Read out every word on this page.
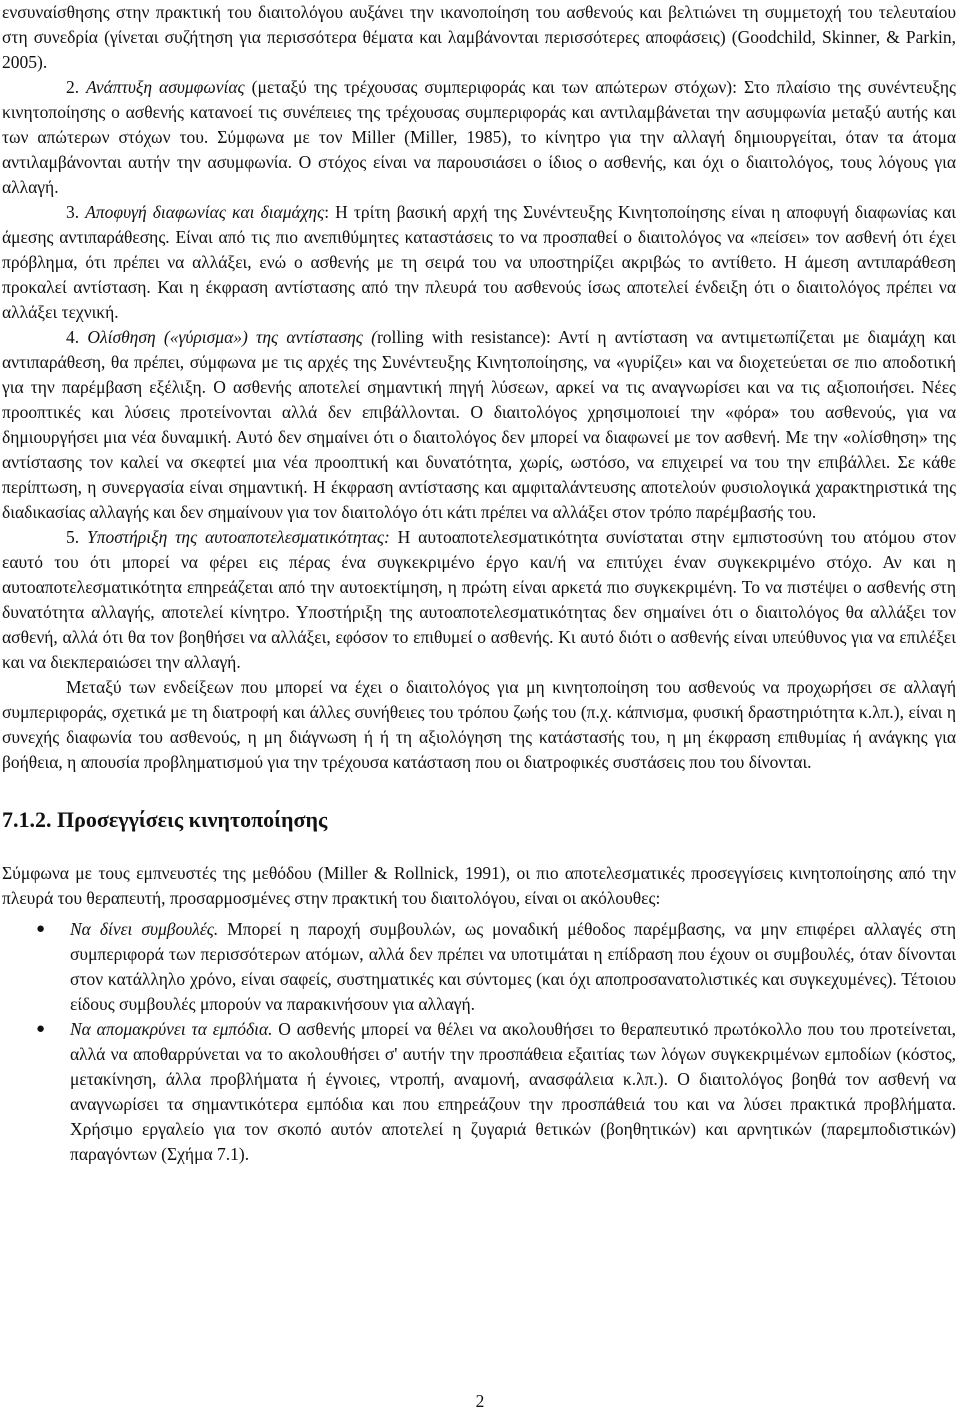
ενσυναίσθησης στην πρακτική του διαιτολόγου αυξάνει την ικανοποίηση του ασθενούς και βελτιώνει τη συμμετοχή του τελευταίου στη συνεδρία (γίνεται συζήτηση για περισσότερα θέματα και λαμβάνονται περισσότερες αποφάσεις) (Goodchild, Skinner, & Parkin, 2005).

2. Ανάπτυξη ασυμφωνίας (μεταξύ της τρέχουσας συμπεριφοράς και των απώτερων στόχων): Στο πλαίσιο της συνέντευξης κινητοποίησης ο ασθενής κατανοεί τις συνέπειες της τρέχουσας συμπεριφοράς και αντιλαμβάνεται την ασυμφωνία μεταξύ αυτής και των απώτερων στόχων του. Σύμφωνα με τον Miller (Miller, 1985), το κίνητρο για την αλλαγή δημιουργείται, όταν τα άτομα αντιλαμβάνονται αυτήν την ασυμφωνία. Ο στόχος είναι να παρουσιάσει ο ίδιος ο ασθενής, και όχι ο διαιτολόγος, τους λόγους για αλλαγή.

3. Αποφυγή διαφωνίας και διαμάχης: Η τρίτη βασική αρχή της Συνέντευξης Κινητοποίησης είναι η αποφυγή διαφωνίας και άμεσης αντιπαράθεσης. Είναι από τις πιο ανεπιθύμητες καταστάσεις το να προσπαθεί ο διαιτολόγος να «πείσει» τον ασθενή ότι έχει πρόβλημα, ότι πρέπει να αλλάξει, ενώ ο ασθενής με τη σειρά του να υποστηρίζει ακριβώς το αντίθετο. Η άμεση αντιπαράθεση προκαλεί αντίσταση. Και η έκφραση αντίστασης από την πλευρά του ασθενούς ίσως αποτελεί ένδειξη ότι ο διαιτολόγος πρέπει να αλλάξει τεχνική.

4. Ολίσθηση («γύρισμα») της αντίστασης (rolling with resistance): Αντί η αντίσταση να αντιμετωπίζεται με διαμάχη και αντιπαράθεση, θα πρέπει, σύμφωνα με τις αρχές της Συνέντευξης Κινητοποίησης, να «γυρίζει» και να διοχετεύεται σε πιο αποδοτική για την παρέμβαση εξέλιξη. Ο ασθενής αποτελεί σημαντική πηγή λύσεων, αρκεί να τις αναγνωρίσει και να τις αξιοποιήσει. Νέες προοπτικές και λύσεις προτείνονται αλλά δεν επιβάλλονται. Ο διαιτολόγος χρησιμοποιεί την «φόρα» του ασθενούς, για να δημιουργήσει μια νέα δυναμική. Αυτό δεν σημαίνει ότι ο διαιτολόγος δεν μπορεί να διαφωνεί με τον ασθενή. Με την «ολίσθηση» της αντίστασης τον καλεί να σκεφτεί μια νέα προοπτική και δυνατότητα, χωρίς, ωστόσο, να επιχειρεί να του την επιβάλλει. Σε κάθε περίπτωση, η συνεργασία είναι σημαντική. Η έκφραση αντίστασης και αμφιταλάντευσης αποτελούν φυσιολογικά χαρακτηριστικά της διαδικασίας αλλαγής και δεν σημαίνουν για τον διαιτολόγο ότι κάτι πρέπει να αλλάξει στον τρόπο παρέμβασής του.

5. Υποστήριξη της αυτοαποτελεσματικότητας: Η αυτοαποτελεσματικότητα συνίσταται στην εμπιστοσύνη του ατόμου στον εαυτό του ότι μπορεί να φέρει εις πέρας ένα συγκεκριμένο έργο και/ή να επιτύχει έναν συγκεκριμένο στόχο. Αν και η αυτοαποτελεσματικότητα επηρεάζεται από την αυτοεκτίμηση, η πρώτη είναι αρκετά πιο συγκεκριμένη. Το να πιστέψει ο ασθενής στη δυνατότητα αλλαγής, αποτελεί κίνητρο. Υποστήριξη της αυτοαποτελεσματικότητας δεν σημαίνει ότι ο διαιτολόγος θα αλλάξει τον ασθενή, αλλά ότι θα τον βοηθήσει να αλλάξει, εφόσον το επιθυμεί ο ασθενής. Κι αυτό διότι ο ασθενής είναι υπεύθυνος για να επιλέξει και να διεκπεραιώσει την αλλαγή.

Μεταξύ των ενδείξεων που μπορεί να έχει ο διαιτολόγος για μη κινητοποίηση του ασθενούς να προχωρήσει σε αλλαγή συμπεριφοράς, σχετικά με τη διατροφή και άλλες συνήθειες του τρόπου ζωής του (π.χ. κάπνισμα, φυσική δραστηριότητα κ.λπ.), είναι η συνεχής διαφωνία του ασθενούς, η μη διάγνωση ή ή τη αξιολόγηση της κατάστασής του, η μη έκφραση επιθυμίας ή ανάγκης για βοήθεια, η απουσία προβληματισμού για την τρέχουσα κατάσταση που οι διατροφικές συστάσεις που του δίνονται.

7.1.2. Προσεγγίσεις κινητοποίησης

Σύμφωνα με τους εμπνευστές της μεθόδου (Miller & Rollnick, 1991), οι πιο αποτελεσματικές προσεγγίσεις κινητοποίησης από την πλευρά του θεραπευτή, προσαρμοσμένες στην πρακτική του διαιτολόγου, είναι οι ακόλουθες:

● Να δίνει συμβουλές. Μπορεί η παροχή συμβουλών, ως μοναδική μέθοδος παρέμβασης, να μην επιφέρει αλλαγές στη συμπεριφορά των περισσότερων ατόμων, αλλά δεν πρέπει να υποτιμάται η επίδραση που έχουν οι συμβουλές, όταν δίνονται στον κατάλληλο χρόνο, είναι σαφείς, συστηματικές και σύντομες (και όχι αποπροσανατολιστικές και συγκεχυμένες). Τέτοιου είδους συμβουλές μπορούν να παρακινήσουν για αλλαγή.
● Να απομακρύνει τα εμπόδια. Ο ασθενής μπορεί να θέλει να ακολουθήσει το θεραπευτικό πρωτόκολλο που του προτείνεται, αλλά να αποθαρρύνεται να το ακολουθήσει σ' αυτήν την προσπάθεια εξαιτίας των λόγων συγκεκριμένων εμποδίων (κόστος, μετακίνηση, άλλα προβλήματα ή έγνοιες, ντροπή, αναμονή, ανασφάλεια κ.λπ.). Ο διαιτολόγος βοηθά τον ασθενή να αναγνωρίσει τα σημαντικότερα εμπόδια και που επηρεάζουν την προσπάθειά του και να λύσει πρακτικά προβλήματα. Χρήσιμο εργαλείο για τον σκοπό αυτόν αποτελεί η ζυγαριά θετικών (βοηθητικών) και αρνητικών (παρεμποδιστικών) παραγόντων (Σχήμα 7.1).
2
